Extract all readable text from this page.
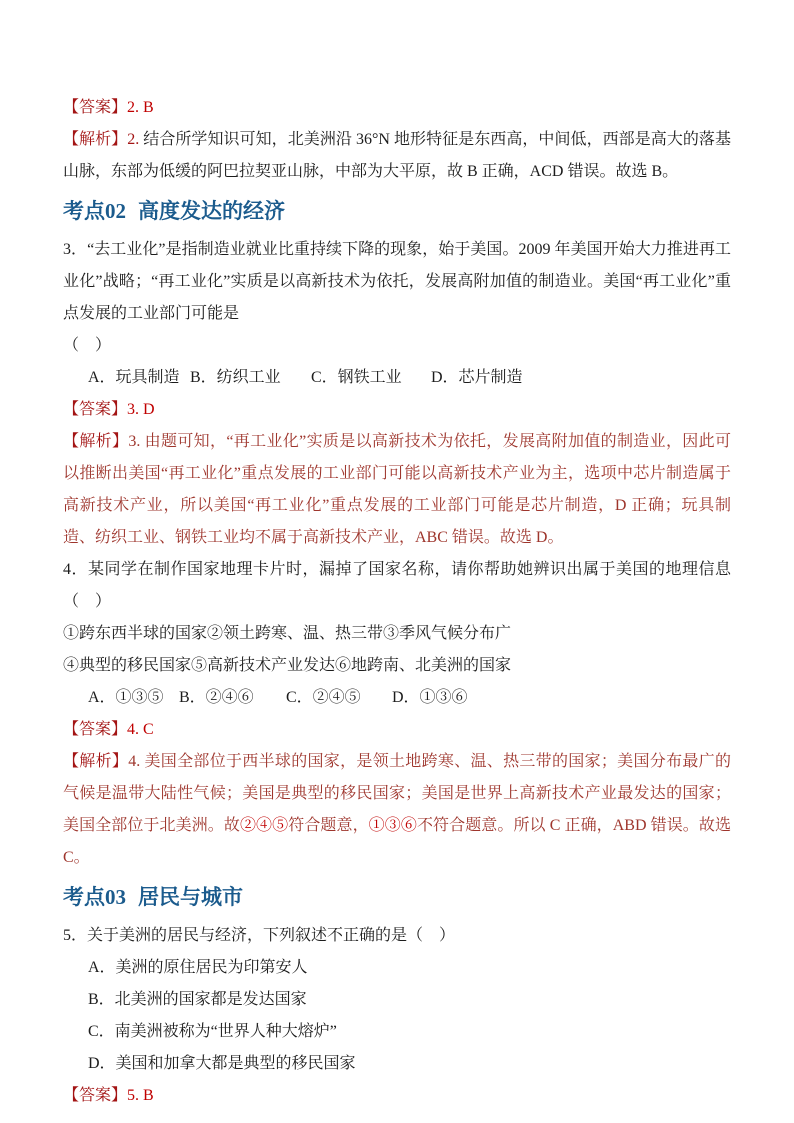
【答案】2. B

【解析】2. 结合所学知识可知，北美洲沿 36°N 地形特征是东西高，中间低，西部是高大的落基山脉，东部为低缓的阿巴拉契亚山脉，中部为大平原，故 B 正确，ACD 错误。故选 B。

考点02 高度发达的经济

3．“去工业化”是指制造业就业比重持续下降的现象，始于美国。2009 年美国开始大力推进再工业化”战略；“再工业化”实质是以高新技术为依托，发展高附加值的制造业。美国“再工业化”重点发展的工业部门可能是

（　）

A．玩具制造 B．纺织工业 C．钢铁工业 D．芯片制造

【答案】3. D

【解析】3. 由题可知，“再工业化”实质是以高新技术为依托，发展高附加值的制造业，因此可以推断出美国“再工业化”重点发展的工业部门可能以高新技术产业为主，选项中芯片制造属于高新技术产业，所以美国“再工业化”重点发展的工业部门可能是芯片制造，D 正确；玩具制造、纺织工业、钢铁工业均不属于高新技术产业，ABC 错误。故选 D。

4．某同学在制作国家地理卡片时，漏掉了国家名称，请你帮助她辨识出属于美国的地理信息（　）

①跨东西半球的国家②领土跨寒、温、热三带③季风气候分布广

④典型的移民国家⑤高新技术产业发达⑥地跨南、北美洲的国家

A．①③⑤ B．②④⑥ C．②④⑤ D．①③⑥

【答案】4. C

【解析】4. 美国全部位于西半球的国家，是领土地跨寒、温、热三带的国家；美国分布最广的气候是温带大陆性气候；美国是典型的移民国家；美国是世界上高新技术产业最发达的国家；美国全部位于北美洲。故②④⑤符合题意，①③⑥不符合题意。所以 C 正确，ABD 错误。故选 C。

考点03 居民与城市

5．关于美洲的居民与经济，下列叙述不正确的是（　）

A．美洲的原住居民为印第安人

B．北美洲的国家都是发达国家

C．南美洲被称为“世界人种大熔炉”

D．美国和加拿大都是典型的移民国家

【答案】5. B
